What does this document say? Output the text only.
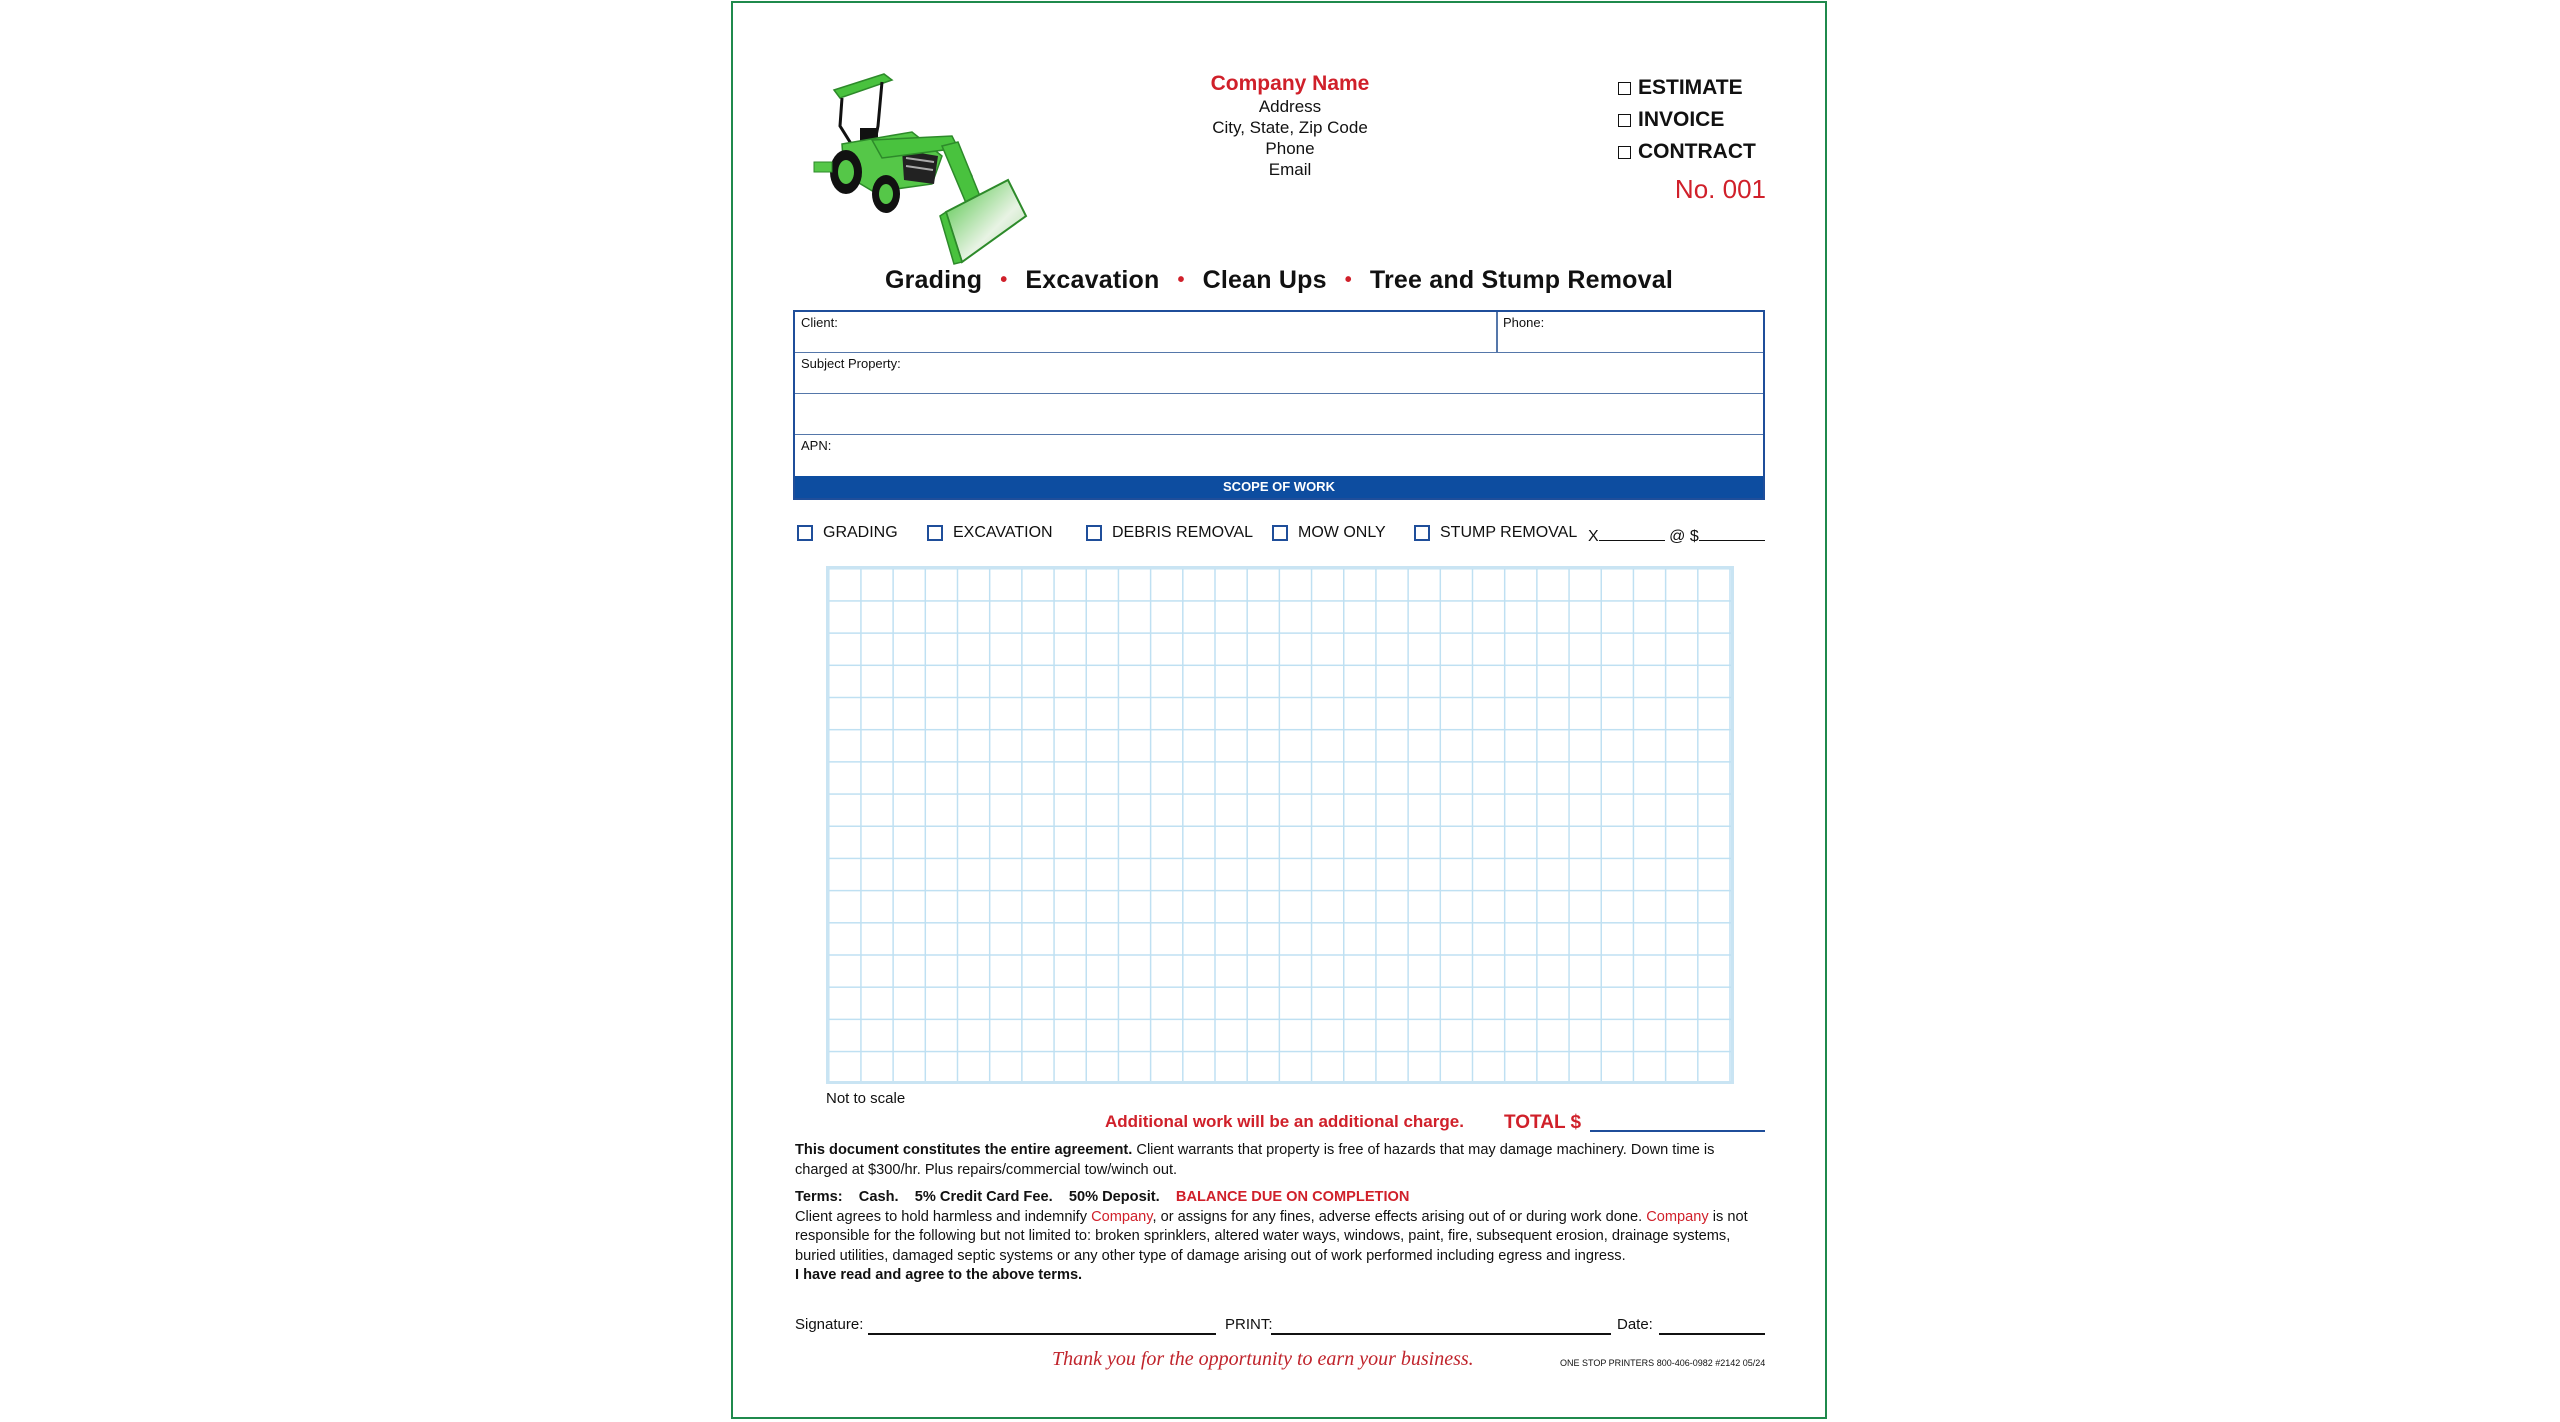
Company Name
Address
City, State, Zip Code
Phone
Email
ESTIMATE
INVOICE
CONTRACT
No. 001
Grading • Excavation • Clean Ups • Tree and Stump Removal
Client:	Phone:
Subject Property:
APN:
SCOPE OF WORK
GRADING	EXCAVATION	DEBRIS REMOVAL	MOW ONLY	STUMP REMOVAL X	@ $
Not to scale
Additional work will be an additional charge. TOTAL $
This document constitutes the entire agreement. Client warrants that property is free of hazards that may damage machinery. Down time is charged at $300/hr. Plus repairs/commercial tow/winch out.
Terms:    Cash.    5% Credit Card Fee.    50% Deposit. BALANCE DUE ON COMPLETION
Client agrees to hold harmless and indemnify Company, or assigns for any fines, adverse effects arising out of or during work done. Company is not responsible for the following but not limited to: broken sprinklers, altered water ways, windows, paint, fire, subsequent erosion, drainage systems, buried utilities, damaged septic systems or any other type of damage arising out of work performed including egress and ingress.
I have read and agree to the above terms.
Signature:	PRINT:	Date:
Thank you for the opportunity to earn your business.	ONE STOP PRINTERS 800-406-0982 #2142 05/24
